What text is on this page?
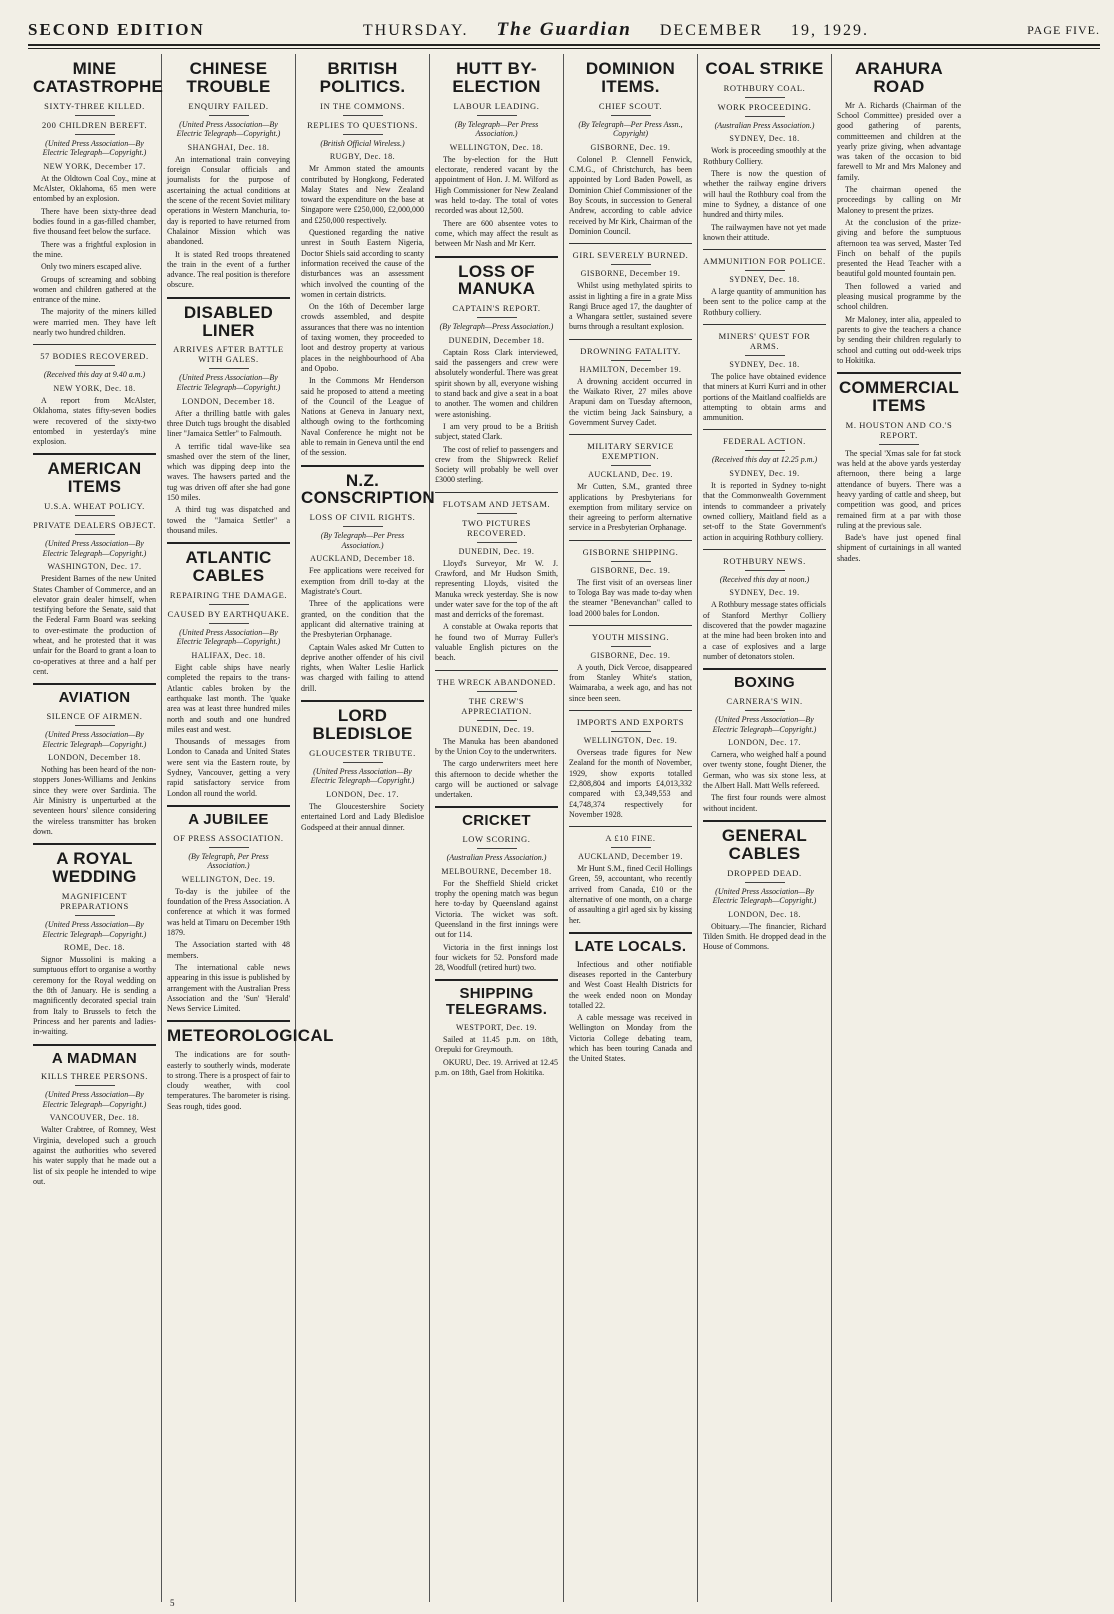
SECOND EDITION	THURSDAY. The Guardian DECEMBER 19, 1929.	PAGE FIVE.
MINE CATASTROPHE
SIXTY-THREE KILLED.
200 CHILDREN BEREFT.
(United Press Association—By Electric Telegraph—Copyright.)
NEW YORK, December 17.

At the Oldtown Coal Coy., mine at McAlster, Oklahoma, 65 men were entombed by an explosion.

There have been sixty-three dead bodies found in a gas-filled chamber, five thousand feet below the surface.

There was a frightful explosion in the mine.

Only two miners escaped alive.

Groups of screaming and sobbing women and children gathered at the entrance of the mine.

The majority of the miners killed were married men. They have left nearly two hundred children.

57 BODIES RECOVERED.
(Received this day at 9.40 a.m.)
NEW YORK, Dec. 18.

A report from McAlster, Oklahoma, states fifty-seven bodies were recovered of the sixty-two entombed in yesterday's mine explosion.

AMERICAN ITEMS
U.S.A. WHEAT POLICY.
PRIVATE DEALERS OBJECT.
(United Press Association—By Electric Telegraph—Copyright.)
WASHINGTON, Dec. 17.

President Barnes of the new United States Chamber of Commerce, and an elevator grain dealer himself, when testifying before the Senate, said that the Federal Farm Board was seeking to over-estimate the production of wheat, and he protested that it was unfair for the Board to grant a loan to co-operatives at three and a half per cent.

AVIATION
SILENCE OF AIRMEN.
(United Press Association—By Electric Telegraph—Copyright.)
LONDON, December 18.

Nothing has been heard of the non-stoppers Jones-Williams and Jenkins since they were over Sardinia. The Air Ministry is unperturbed at the seventeen hours' silence considering the wireless transmitter has broken down.

A ROYAL WEDDING
MAGNIFICENT PREPARATIONS
(United Press Association—By Electric Telegraph—Copyright.)
ROME, Dec. 18.

Signor Mussolini is making a sumptuous effort to organise a worthy ceremony for the Royal wedding on the 8th of January. He is sending a magnificently decorated special train from Italy to Brussels to fetch the Princess and her parents and ladies-in-waiting.

A MADMAN
KILLS THREE PERSONS.
(United Press Association—By Electric Telegraph—Copyright.)
VANCOUVER, Dec. 18.

Walter Crabtree, of Romney, West Virginia, developed such a grouch against the authorities who severed his water supply that he made out a list of six people he intended to wipe out.

CHINESE TROUBLE
ENQUIRY FAILED.
(United Press Association—By Electric Telegraph—Copyright.)
SHANGHAI, Dec. 18.

An international train conveying foreign Consular officials and journalists for the purpose of ascertaining the actual conditions at the scene of the recent Soviet military operations in Western Manchuria, to-day is reported to have returned from Chalainor Mission which was abandoned.

It is stated Red troops threatened the train in the event of a further advance. The real position is therefore obscure.

DISABLED LINER
ARRIVES AFTER BATTLE WITH GALES.
(United Press Association—By Electric Telegraph—Copyright.)
LONDON, December 18.

After a thrilling battle with gales three Dutch tugs brought the disabled liner "Jamaica Settler" to Falmouth.

A terrific tidal wave-like sea smashed over the stern of the liner, which was dipping deep into the waves. The hawsers parted and the tug was driven off after she had gone 150 miles.

A third tug was dispatched and towed the "Jamaica Settler" a thousand miles.

ATLANTIC CABLES
REPAIRING THE DAMAGE.
CAUSED BY EARTHQUAKE.
(United Press Association—By Electric Telegraph—Copyright.)
HALIFAX, Dec. 18.

Eight cable ships have nearly completed the repairs to the trans-Atlantic cables broken by the earthquake last month. The 'quake area was at least three hundred miles north and south and one hundred miles east and west.

Thousands of messages from London to Canada and United States were sent via the Eastern route, by Sydney, Vancouver, getting a very rapid satisfactory service from London all round the world.

A JUBILEE
OF PRESS ASSOCIATION.
(By Telegraph, Per Press Association.)
WELLINGTON, Dec. 19.

To-day is the jubilee of the foundation of the Press Association. A conference at which it was formed was held at Timaru on December 19th 1879.

The Association started with 48 members.

The international cable news appearing in this issue is published by arrangement with the Australian Press Association and the 'Sun' 'Herald' News Service Limited.

METEOROLOGICAL

The indications are for south-easterly to southerly winds, moderate to strong. There is a prospect of fair to cloudy weather, with cool temperatures. The barometer is rising. Seas rough, tides good.

BRITISH POLITICS.
IN THE COMMONS.
REPLIES TO QUESTIONS.
(British Official Wireless.)
RUGBY, Dec. 18.

Mr Ammon stated the amounts contributed by Hongkong, Federated Malay States and New Zealand toward the expenditure on the base at Singapore were £250,000, £2,000,000 and £250,000 respectively.

Questioned regarding the native unrest in South Eastern Nigeria, Doctor Shiels said according to scanty information received the cause of the disturbances was an assessment which involved the counting of the women in certain districts.

On the 16th of December large crowds assembled, and despite assurances that there was no intention of taxing women, they proceeded to loot and destroy property at various places in the neighbourhood of Aba and Opobo.

In the Commons Mr Henderson said he proposed to attend a meeting of the Council of the League of Nations at Geneva in January next, although owing to the forthcoming Naval Conference he might not be able to remain in Geneva until the end of the session.

N.Z. CONSCRIPTION
LOSS OF CIVIL RIGHTS.
(By Telegraph—Per Press Association.)
AUCKLAND, December 18.

Fee applications were received for exemption from drill to-day at the Magistrate's Court.

Three of the applications were granted, on the condition that the applicant did alternative training at the Presbyterian Orphanage.

Captain Wales asked Mr Cutten to deprive another offender of his civil rights, when Walter Leslie Harlick was charged with failing to attend drill.

LORD BLEDISLOE
GLOUCESTER TRIBUTE.
(United Press Association—By Electric Telegraph—Copyright.)
LONDON, Dec. 17.

The Gloucestershire Society entertained Lord and Lady Bledisloe Godspeed at their annual dinner.

HUTT BY-ELECTION
LABOUR LEADING.
(By Telegraph—Per Press Association.)
WELLINGTON, Dec. 18.

The by-election for the Hutt electorate, rendered vacant by the appointment of Hon. J. M. Wilford as High Commissioner for New Zealand was held to-day. The total of votes recorded was about 12,500.

There are 600 absentee votes to come, which may affect the result as between Mr Nash and Mr Kerr.

LOSS OF MANUKA
CAPTAIN'S REPORT.
(By Telegraph—Press Association.)
DUNEDIN, December 18.

Captain Ross Clark interviewed, said the passengers and crew were absolutely wonderful. There was great spirit shown by all, everyone wishing to stand back and give a seat in a boat to another. The women and children were astonishing.

I am very proud to be a British subject, stated Clark.

The cost of relief to passengers and crew from the Shipwreck Relief Society will probably be well over £3000 sterling.

FLOTSAM AND JETSAM.
TWO PICTURES RECOVERED.
DUNEDIN, Dec. 19.

Lloyd's Surveyor, Mr W. J. Crawford, and Mr Hudson Smith, representing Lloyds, visited the Manuka wreck yesterday. She is now under water save for the top of the aft mast and derricks of the foremast.

A constable at Owaka reports that he found two of Murray Fuller's valuable English pictures on the beach.

THE WRECK ABANDONED.
THE CREW'S APPRECIATION.
DUNEDIN, Dec. 19.

The Manuka has been abandoned by the Union Coy to the underwriters.

The cargo underwriters meet here this afternoon to decide whether the cargo will be auctioned or salvage undertaken.

CRICKET
LOW SCORING.
(Australian Press Association.)
MELBOURNE, December 18.

For the Sheffield Shield cricket trophy the opening match was begun here to-day by Queensland against Victoria. The wicket was soft. Queensland in the first innings were out for 114.

Victoria in the first innings lost four wickets for 52. Ponsford made 28, Woodfull (retired hurt) two.

SHIPPING TELEGRAMS.
WESTPORT, Dec. 19.

Sailed at 11.45 p.m. on 18th, Orepuki for Greymouth.

OKURU, Dec. 19. Arrived at 12.45 p.m. on 18th, Gael from Hokitika.

DOMINION ITEMS.
CHIEF SCOUT.
(By Telegraph—Per Press Assn., Copyright)
GISBORNE, Dec. 19.

Colonel P. Clennell Fenwick, C.M.G., of Christchurch, has been appointed by Lord Baden Powell, as Dominion Chief Commissioner of the Boy Scouts, in succession to General Andrew, according to cable advice received by Mr Kirk, Chairman of the Dominion Council.

GIRL SEVERELY BURNED.
GISBORNE, December 19.

Whilst using methylated spirits to assist in lighting a fire in a grate Miss Rangi Bruce aged 17, the daughter of a Whangara settler, sustained severe burns through a resultant explosion.

DROWNING FATALITY.
HAMILTON, December 19.

A drowning accident occurred in the Waikato River, 27 miles above Arapuni dam on Tuesday afternoon, the victim being Jack Sainsbury, a Government Survey Cadet.

MILITARY SERVICE EXEMPTION.
AUCKLAND, Dec. 19.

Mr Cutten, S.M., granted three applications by Presbyterians for exemption from military service on their agreeing to perform alternative service in a Presbyterian Orphanage.

GISBORNE SHIPPING.
GISBORNE, Dec. 19.

The first visit of an overseas liner to Tologa Bay was made to-day when the steamer "Benevanchan" called to load 2000 bales for London.

YOUTH MISSING.
GISBORNE, Dec. 19.

A youth, Dick Vercoe, disappeared from Stanley White's station, Waimaraba, a week ago, and has not since been seen.

IMPORTS AND EXPORTS
WELLINGTON, Dec. 19.

Overseas trade figures for New Zealand for the month of November, 1929, show exports totalled £2,808,804 and imports £4,013,332 compared with £3,349,553 and £4,748,374 respectively for November 1928.

A £10 FINE.
AUCKLAND, December 19.

Mr Hunt S.M., fined Cecil Hollings Green, 59, accountant, who recently arrived from Canada, £10 or the alternative of one month, on a charge of assaulting a girl aged six by kissing her.

LATE LOCALS.

Infectious and other notifiable diseases reported in the Canterbury and West Coast Health Districts for the week ended noon on Monday totalled 22.

A cable message was received in Wellington on Monday from the Victoria College debating team, which has been touring Canada and the United States.

COAL STRIKE
ROTHBURY COAL.
WORK PROCEEDING.
(Australian Press Association.)
SYDNEY, Dec. 18.

Work is proceeding smoothly at the Rothbury Colliery.

There is now the question of whether the railway engine drivers will haul the Rothbury coal from the mine to Sydney, a distance of one hundred and thirty miles.

The railwaymen have not yet made known their attitude.

AMMUNITION FOR POLICE.
SYDNEY, Dec. 18.

A large quantity of ammunition has been sent to the police camp at the Rothbury colliery.

MINERS' QUEST FOR ARMS.
SYDNEY, Dec. 18.

The police have obtained evidence that miners at Kurri Kurri and in other portions of the Maitland coalfields are attempting to obtain arms and ammunition.

FEDERAL ACTION.
(Received this day at 12.25 p.m.)
SYDNEY, Dec. 19.

It is reported in Sydney to-night that the Commonwealth Government intends to commandeer a privately owned colliery, Maitland field as a set-off to the State Government's action in acquiring Rothbury colliery.

ROTHBURY NEWS.
(Received this day at noon.)
SYDNEY, Dec. 19.

A Rothbury message states officials of Stanford Merthyr Colliery discovered that the powder magazine at the mine had been broken into and a case of explosives and a large number of detonators stolen.

BOXING
CARNERA'S WIN.
(United Press Association—By Electric Telegraph—Copyright.)
LONDON, Dec. 17.

Carnera, who weighed half a pound over twenty stone, fought Diener, the German, who was six stone less, at the Albert Hall. Matt Wells refereed.

The first four rounds were almost without incident.

GENERAL CABLES
DROPPED DEAD.
(United Press Association—By Electric Telegraph—Copyright.)
LONDON, Dec. 18.

Obituary.—The financier, Richard Tilden Smith. He dropped dead in the House of Commons.

ARAHURA ROAD

Mr A. Richards (Chairman of the School Committee) presided over a good gathering of parents, committeemen and children at the yearly prize giving, when advantage was taken of the occasion to bid farewell to Mr and Mrs Maloney and family.

The chairman opened the proceedings by calling on Mr Maloney to present the prizes.

At the conclusion of the prize-giving and before the sumptuous afternoon tea was served, Master Ted Finch on behalf of the pupils presented the Head Teacher with a beautiful gold mounted fountain pen.

Then followed a varied and pleasing musical programme by the school children.

Mr Maloney, inter alia, appealed to parents to give the teachers a chance by sending their children regularly to school and cutting out odd-week trips to Hokitika.

COMMERCIAL ITEMS
M. HOUSTON AND CO.'S REPORT.

The special 'Xmas sale for fat stock was held at the above yards yesterday afternoon, there being a large attendance of buyers. There was a heavy yarding of cattle and sheep, but competition was good, and prices remained firm at a par with those ruling at the previous sale.

Bade's have just opened final shipment of curtainings in all wanted shades.

5
